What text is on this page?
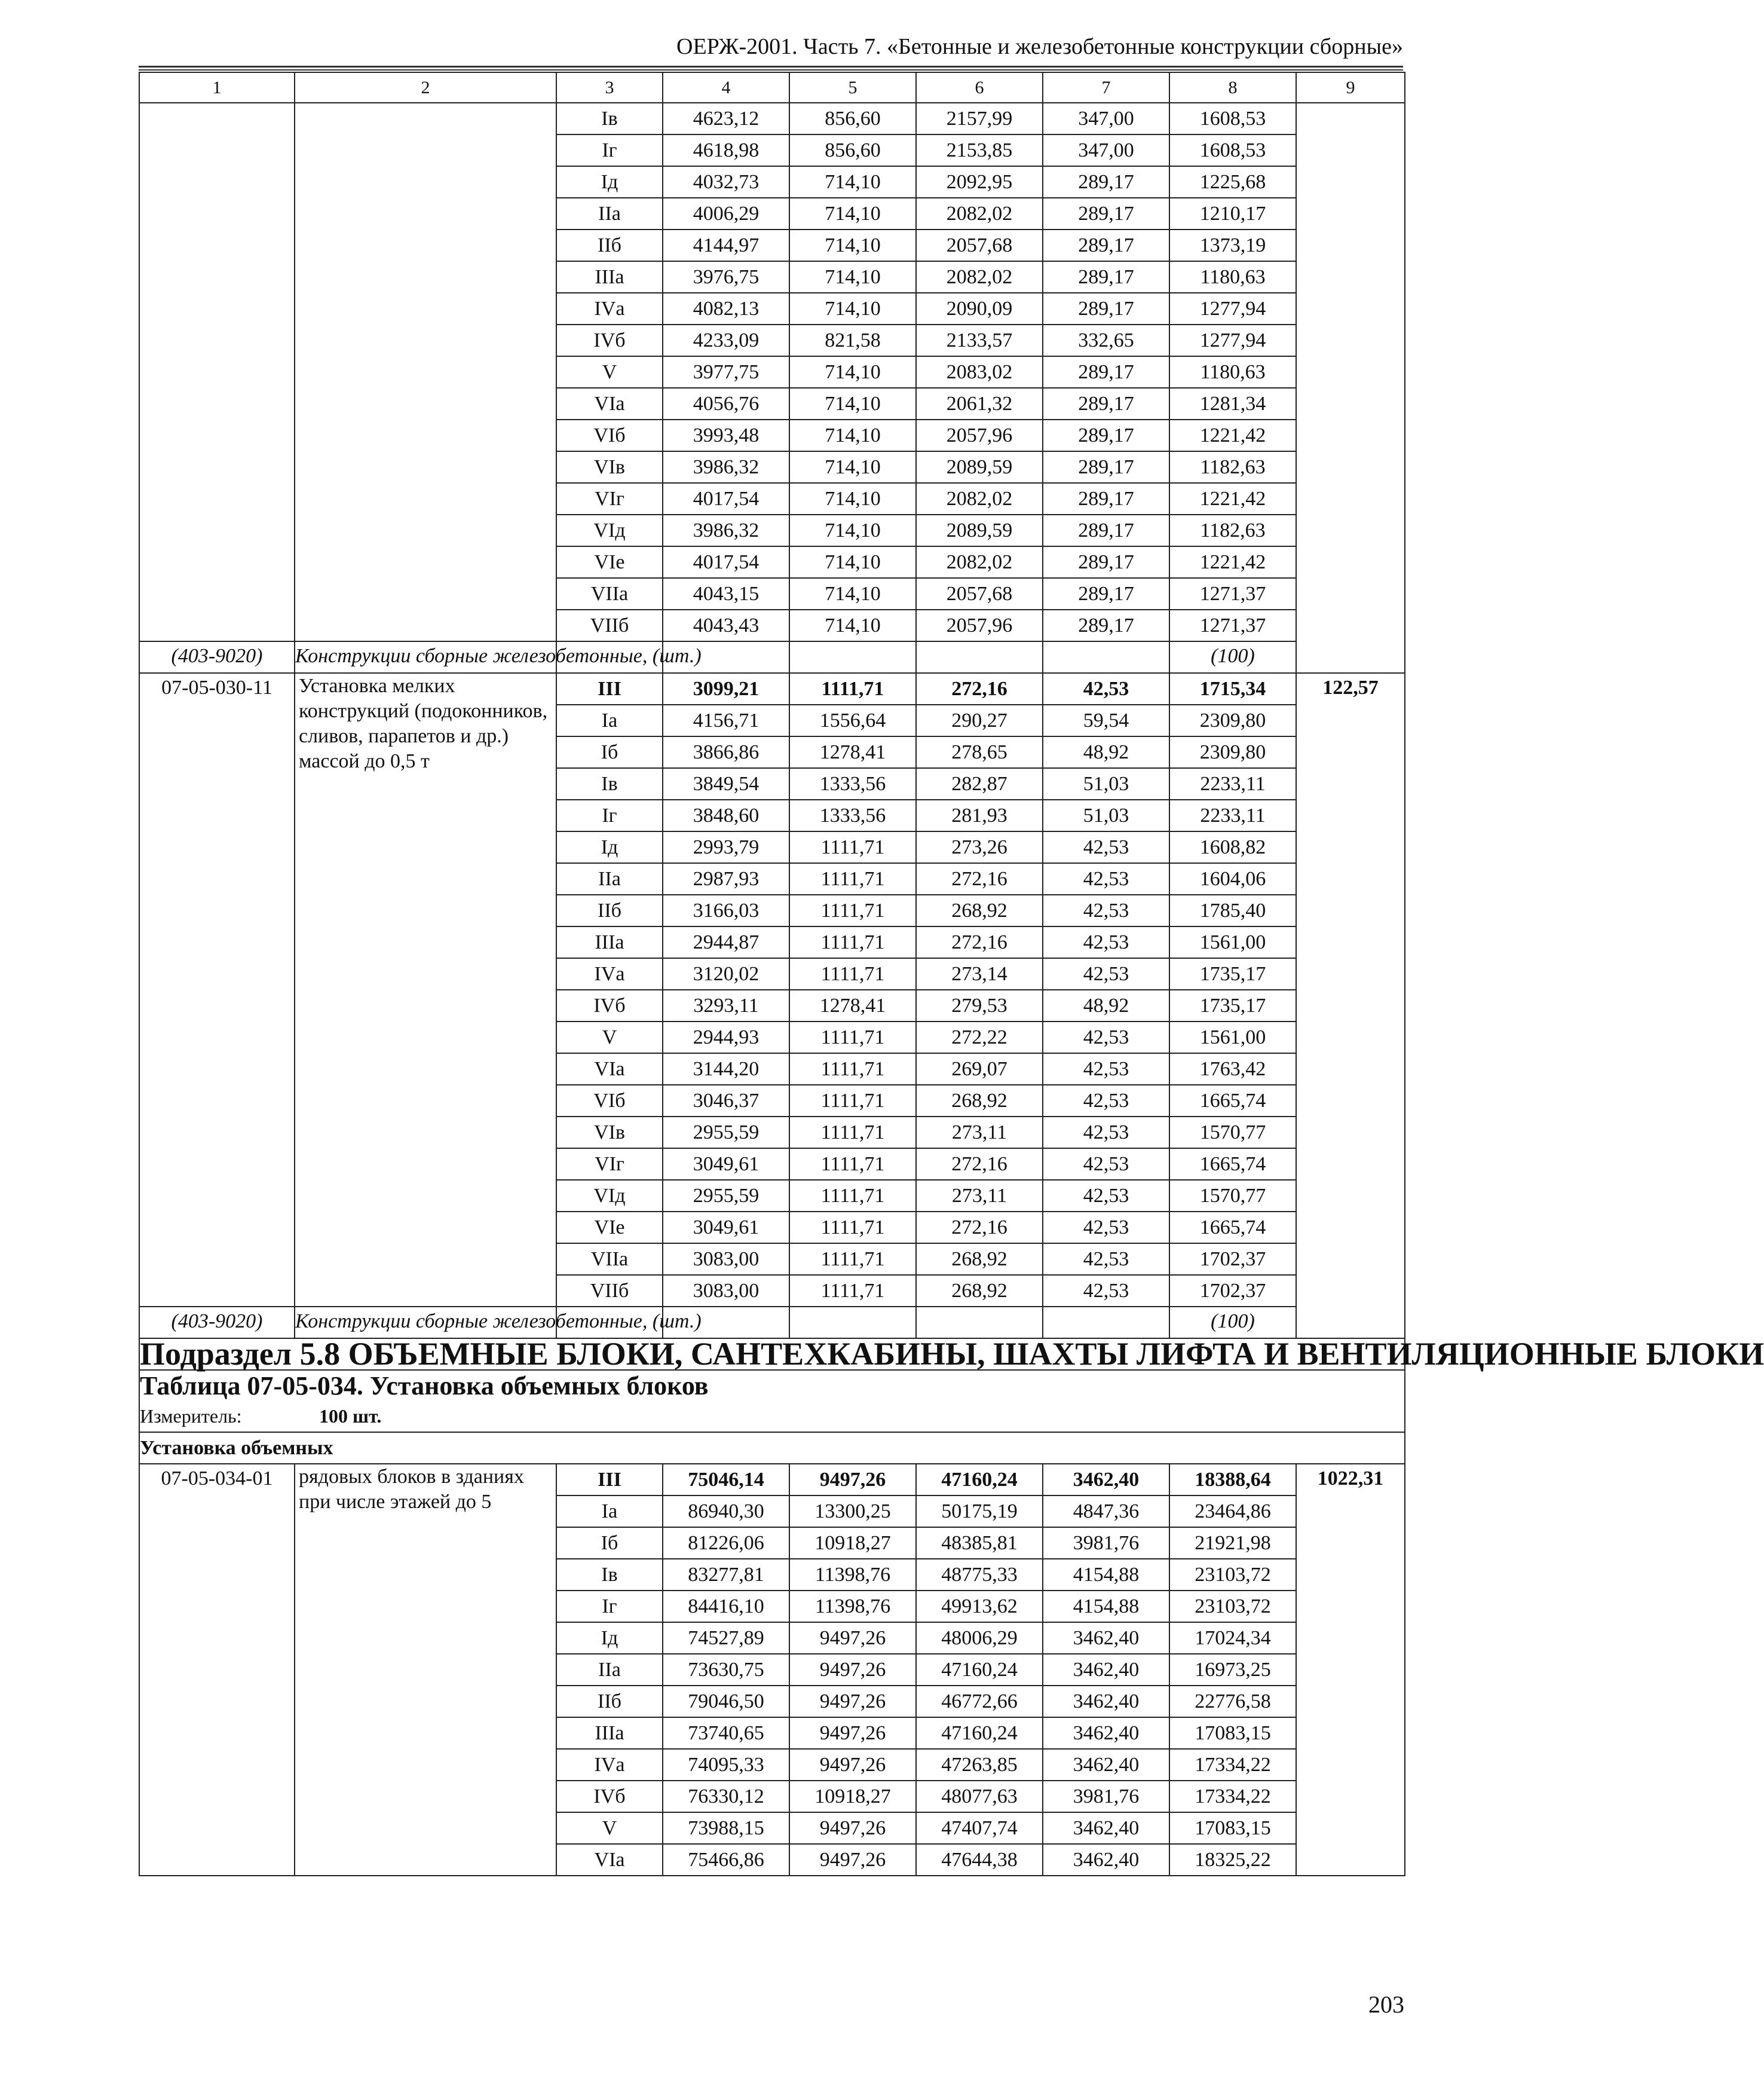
ОЕРЖ-2001. Часть 7. «Бетонные и железобетонные конструкции сборные»
1	2	3	4	5	6	7	8	9
		Iв	4623,12	856,60	2157,99	347,00	1608,53	
		Iг	4618,98	856,60	2153,85	347,00	1608,53	
		Iд	4032,73	714,10	2092,95	289,17	1225,68	
		IIа	4006,29	714,10	2082,02	289,17	1210,17	
		IIб	4144,97	714,10	2057,68	289,17	1373,19	
		IIIа	3976,75	714,10	2082,02	289,17	1180,63	
		IVа	4082,13	714,10	2090,09	289,17	1277,94	
		IVб	4233,09	821,58	2133,57	332,65	1277,94	
		V	3977,75	714,10	2083,02	289,17	1180,63	
		VIа	4056,76	714,10	2061,32	289,17	1281,34	
		VIб	3993,48	714,10	2057,96	289,17	1221,42	
		VIв	3986,32	714,10	2089,59	289,17	1182,63	
		VIг	4017,54	714,10	2082,02	289,17	1221,42	
		VIд	3986,32	714,10	2089,59	289,17	1182,63	
		VIе	4017,54	714,10	2082,02	289,17	1221,42	
		VIIа	4043,15	714,10	2057,68	289,17	1271,37	
		VIIб	4043,43	714,10	2057,96	289,17	1271,37	
(403-9020)	Конструкции сборные железобетонные, (шт.)						(100)	

07-05-030-11	Установка мелких конструкций (подоконников, сливов, парапетов и др.) массой до 0,5 т	III	3099,21	1111,71	272,16	42,53	1715,34	122,57
		Iа	4156,71	1556,64	290,27	59,54	2309,80	
		Iб	3866,86	1278,41	278,65	48,92	2309,80	
		Iв	3849,54	1333,56	282,87	51,03	2233,11	
		Iг	3848,60	1333,56	281,93	51,03	2233,11	
		Iд	2993,79	1111,71	273,26	42,53	1608,82	
		IIа	2987,93	1111,71	272,16	42,53	1604,06	
		IIб	3166,03	1111,71	268,92	42,53	1785,40	
		IIIа	2944,87	1111,71	272,16	42,53	1561,00	
		IVа	3120,02	1111,71	273,14	42,53	1735,17	
		IVб	3293,11	1278,41	279,53	48,92	1735,17	
		V	2944,93	1111,71	272,22	42,53	1561,00	
		VIа	3144,20	1111,71	269,07	42,53	1763,42	
		VIб	3046,37	1111,71	268,92	42,53	1665,74	
		VIв	2955,59	1111,71	273,11	42,53	1570,77	
		VIг	3049,61	1111,71	272,16	42,53	1665,74	
		VIд	2955,59	1111,71	273,11	42,53	1570,77	
		VIе	3049,61	1111,71	272,16	42,53	1665,74	
		VIIа	3083,00	1111,71	268,92	42,53	1702,37	
		VIIб	3083,00	1111,71	268,92	42,53	1702,37	
(403-9020)	Конструкции сборные железобетонные, (шт.)						(100)	
Подраздел 5.8 ОБЪЕМНЫЕ БЛОКИ, САНТЕХКАБИНЫ, ШАХТЫ ЛИФТА И ВЕНТИЛЯЦИОННЫЕ БЛОКИ								
Таблица 07-05-034. Установка объемных блоков								
Измеритель: 100 шт.								
Установка объемных								

07-05-034-01	рядовых блоков в зданиях при числе этажей до 5	III	75046,14	9497,26	47160,24	3462,40	18388,64	1022,31
		Iа	86940,30	13300,25	50175,19	4847,36	23464,86	
		Iб	81226,06	10918,27	48385,81	3981,76	21921,98	
		Iв	83277,81	11398,76	48775,33	4154,88	23103,72	
		Iг	84416,10	11398,76	49913,62	4154,88	23103,72	
		Iд	74527,89	9497,26	48006,29	3462,40	17024,34	
		IIа	73630,75	9497,26	47160,24	3462,40	16973,25	
		IIб	79046,50	9497,26	46772,66	3462,40	22776,58	
		IIIа	73740,65	9497,26	47160,24	3462,40	17083,15	
		IVа	74095,33	9497,26	47263,85	3462,40	17334,22	
		IVб	76330,12	10918,27	48077,63	3981,76	17334,22	
		V	73988,15	9497,26	47407,74	3462,40	17083,15	
		VIа	75466,86	9497,26	47644,38	3462,40	18325,22	
203
